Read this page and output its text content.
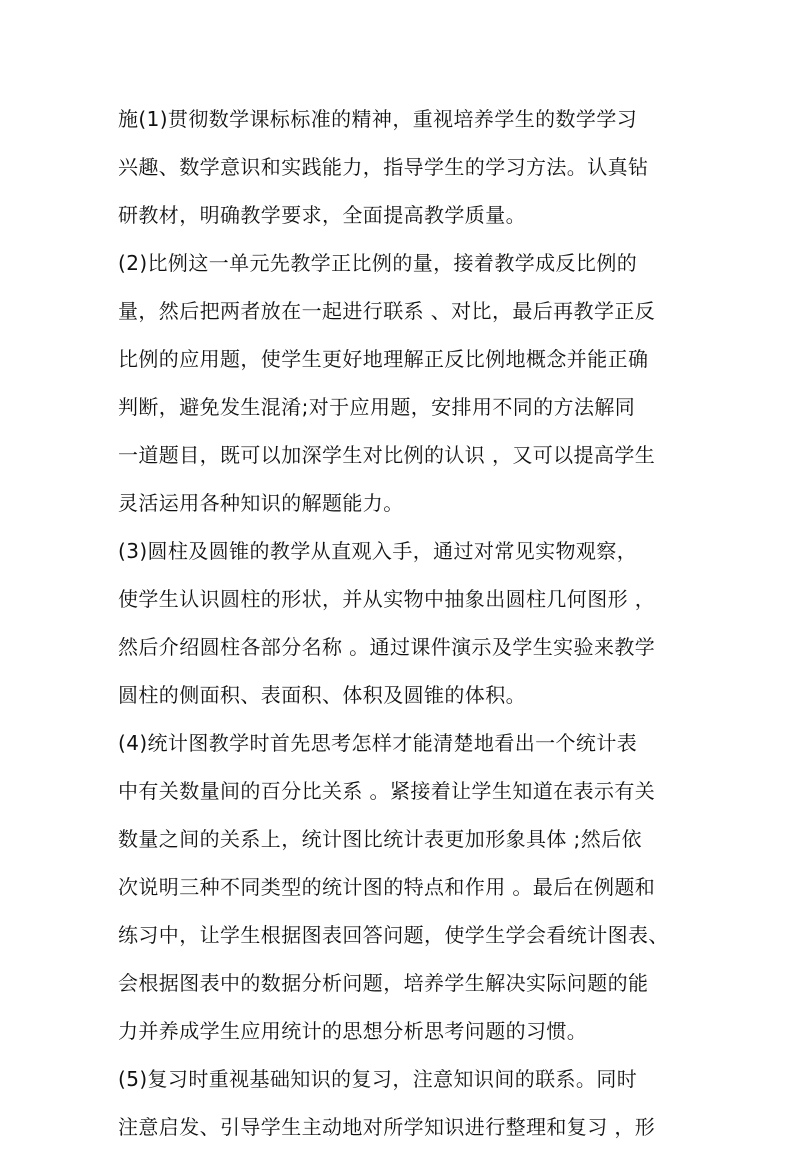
施(1)贯彻数学课标标准的精神，重视培养学生的数学学习
兴趣、数学意识和实践能力，指导学生的学习方法。认真钻
研教材，明确教学要求，全面提高教学质量。
(2)比例这一单元先教学正比例的量，接着教学成反比例的
量，然后把两者放在一起进行联系 、对比，最后再教学正反
比例的应用题，使学生更好地理解正反比例地概念并能正确
判断，避免发生混淆;对于应用题，安排用不同的方法解同
一道题目，既可以加深学生对比例的认识 ，又可以提高学生
灵活运用各种知识的解题能力。
(3)圆柱及圆锥的教学从直观入手，通过对常见实物观察，
使学生认识圆柱的形状，并从实物中抽象出圆柱几何图形 ，
然后介绍圆柱各部分名称 。通过课件演示及学生实验来教学
圆柱的侧面积、表面积、体积及圆锥的体积。
(4)统计图教学时首先思考怎样才能清楚地看出一个统计表
中有关数量间的百分比关系 。紧接着让学生知道在表示有关
数量之间的关系上，统计图比统计表更加形象具体 ;然后依
次说明三种不同类型的统计图的特点和作用 。最后在例题和
练习中，让学生根据图表回答问题，使学生学会看统计图表、
会根据图表中的数据分析问题，培养学生解决实际问题的能
力并养成学生应用统计的思想分析思考问题的习惯。
(5)复习时重视基础知识的复习，注意知识间的联系。同时
注意启发、引导学生主动地对所学知识进行整理和复习 ，形
